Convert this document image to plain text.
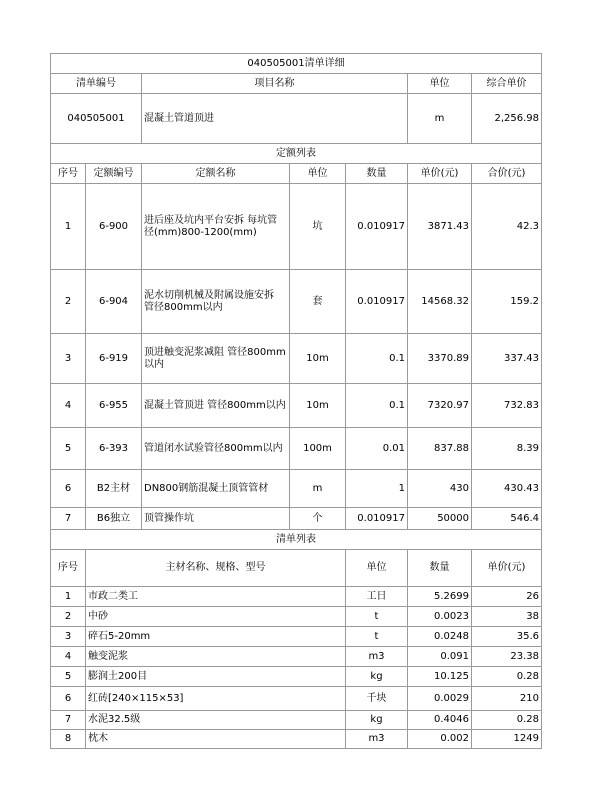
040505001清单详细							
清单编号		项目名称			单位	综合单价	
040505001		混凝土管道顶进			m	2,256.98	
定额列表							
序号	定额编号	定额名称	单位	数量	单价(元)	合价(元)	
1	6-900	进后座及坑内平台安拆 每坑管径(mm)800-1200(mm)	坑	0.010917	3871.43	42.3	
2	6-904	泥水切削机械及附属设施安拆 管径800mm以内	套	0.010917	14568.32	159.2	
3	6-919	顶进触变泥浆减阻 管径800mm以内	10m	0.1	3370.89	337.43	
4	6-955	混凝土管顶进 管径800mm以内	10m	0.1	7320.97	732.83	
5	6-393	管道闭水试验管径800mm以内	100m	0.01	837.88	8.39	
6	B2主材	DN800钢筋混凝土顶管管材	m	1	430	430.43	
7	B6独立	顶管操作坑	个	0.010917	50000	546.4	
清单列表							
序号	主材名称、规格、型号			单位	数量	单价(元)	
1	市政二类工			工日	5.2699	26	
2	中砂			t	0.0023	38	
3	碎石5-20mm			t	0.0248	35.6	
4	触变泥浆			m3	0.091	23.38	
5	膨润土200目			kg	10.125	0.28	
6	红砖[240×115×53]			千块	0.0029	210	
7	水泥32.5级			kg	0.4046	0.28	
8	枕木			m3	0.002	1249	
